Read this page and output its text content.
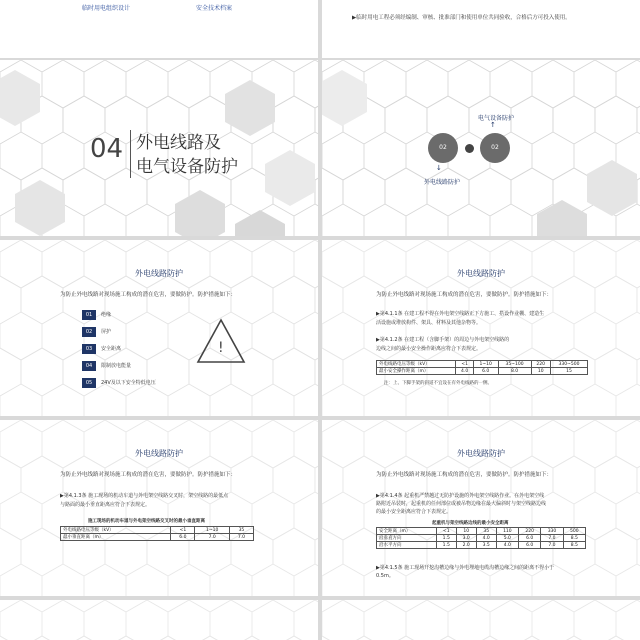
临时用电组织设计	安全技术档案
▶临时用电工程必须经编制、审核、批准部门和使用单位共同验收，合格后方可投入使用。
04 外电线路及
电气设备防护
电气设备防护
↑
02	02
↓
外电线路防护
外电线路防护
为防止外电线路对现场施工构成的潜在危害，要做防护。防护措施如下：
01	绝缘
02	屏护
03	安全距离
04	限制放电能量
05	24V及以下安全特低电压
!
外电线路防护
为防止外电线路对现场施工构成的潜在危害，要做防护。防护措施如下：
▶第4.1.1条 在建工程不得在外电架空线路正下方施工、搭设作业棚、建造生
活设施或堆放构件、架具、材料及其他杂物等。
▶第4.1.2条 在建工程（含脚手架）的周边与外电架空线路的
边线之间的最小安全操作距离应符合下表规定。
外电线路电压等级（kV）	<1	1~10	35~100	220	330~500
最小安全操作距离（m）	4.0	6.0	8.0	10	15
注：上、下脚手架的斜道不宜设在有外电线路的一侧。
外电线路防护
为防止外电线路对现场施工构成的潜在危害，要做防护。防护措施如下：
▶第4.1.3条 施工现场的机动车道与外电架空线路交叉时，架空线路的最低点
与路面的最小垂直距离应符合下表规定。
施工现场的机动车道与外电架空线路交叉时的最小垂直距离
外电线路电压等级（kV）	<1	1~10	35
最小垂直距离（m）	6.0	7.0	7.0
外电线路防护
为防止外电线路对现场施工构成的潜在危害，要做防护。防护措施如下：
▶第4.1.4条 起重机严禁越过无防护设施的外电架空线路作业。在外电架空线
路附近吊装时，起重机的任何部位或被吊物边缘在最大偏斜时与架空线路边线
的最小安全距离应符合下表规定。
起重机与架空线路边线的最小安全距离
安全距离（m）	<1	10	35	110	220	330	500
沿垂直方向	1.5	3.0	4.0	5.0	6.0	7.0	8.5
沿水平方向	1.5	2.0	3.5	4.0	6.0	7.0	8.5
▶第4.1.5条 施工现场开挖沟槽边缘与外电埋地电缆沟槽边缘之间的距离不得小于
0.5m。
